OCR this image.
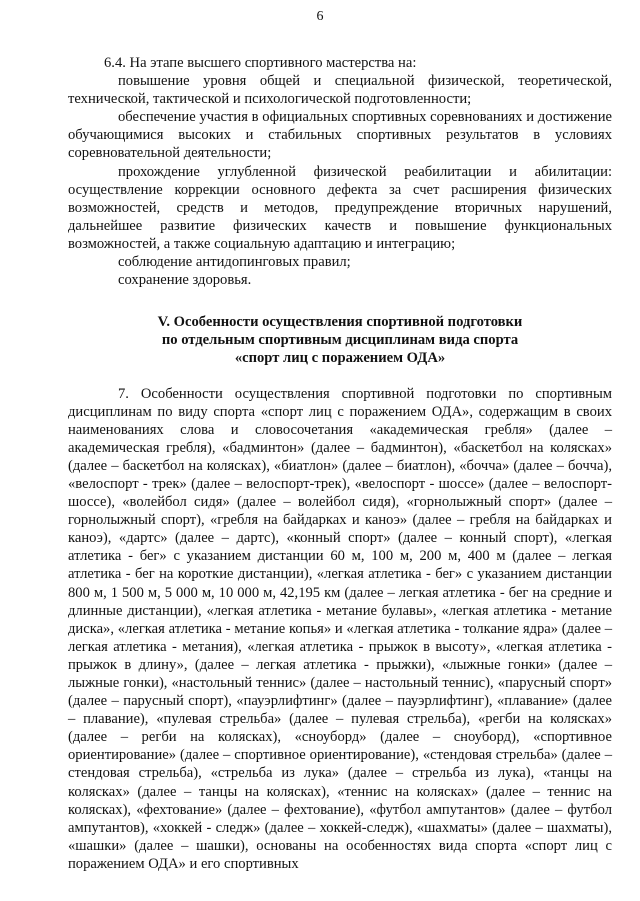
6

6.4. На этапе высшего спортивного мастерства на:

повышение уровня общей и специальной физической, теоретической, технической, тактической и психологической подготовленности;

обеспечение участия в официальных спортивных соревнованиях и достижение обучающимися высоких и стабильных спортивных результатов в условиях соревновательной деятельности;

прохождение углубленной физической реабилитации и абилитации: осуществление коррекции основного дефекта за счет расширения физических возможностей, средств и методов, предупреждение вторичных нарушений, дальнейшее развитие физических качеств и повышение функциональных возможностей, а также социальную адаптацию и интеграцию;

соблюдение антидопинговых правил;

сохранение здоровья.

V. Особенности осуществления спортивной подготовки
по отдельным спортивным дисциплинам вида спорта
«спорт лиц с поражением ОДА»

7. Особенности осуществления спортивной подготовки по спортивным дисциплинам по виду спорта «спорт лиц с поражением ОДА», содержащим в своих наименованиях слова и словосочетания «академическая гребля» (далее – академическая гребля), «бадминтон» (далее – бадминтон), «баскетбол на колясках» (далее – баскетбол на колясках), «биатлон» (далее – биатлон), «бочча» (далее – бочча), «велоспорт - трек» (далее – велоспорт-трек), «велоспорт - шоссе» (далее – велоспорт-шоссе), «волейбол сидя» (далее – волейбол сидя), «горнолыжный спорт» (далее – горнолыжный спорт), «гребля на байдарках и каноэ» (далее – гребля на байдарках и каноэ), «дартс» (далее – дартс), «конный спорт» (далее – конный спорт), «легкая атлетика - бег» с указанием дистанции 60 м, 100 м, 200 м, 400 м (далее – легкая атлетика - бег на короткие дистанции), «легкая атлетика - бег» с указанием дистанции 800 м, 1 500 м, 5 000 м, 10 000 м, 42,195 км (далее – легкая атлетика - бег на средние и длинные дистанции), «легкая атлетика - метание булавы», «легкая атлетика - метание диска», «легкая атлетика - метание копья» и «легкая атлетика - толкание ядра» (далее – легкая атлетика - метания), «легкая атлетика - прыжок в высоту», «легкая атлетика - прыжок в длину», (далее – легкая атлетика - прыжки), «лыжные гонки» (далее – лыжные гонки), «настольный теннис» (далее – настольный теннис), «парусный спорт» (далее – парусный спорт), «пауэрлифтинг» (далее – пауэрлифтинг), «плавание» (далее – плавание), «пулевая стрельба» (далее – пулевая стрельба), «регби на колясках» (далее – регби на колясках), «сноуборд» (далее – сноуборд), «спортивное ориентирование» (далее – спортивное ориентирование), «стендовая стрельба» (далее – стендовая стрельба), «стрельба из лука» (далее – стрельба из лука), «танцы на колясках» (далее – танцы на колясках), «теннис на колясках» (далее – теннис на колясках), «фехтование» (далее – фехтование), «футбол ампутантов» (далее – футбол ампутантов), «хоккей - следж» (далее – хоккей-следж), «шахматы» (далее – шахматы), «шашки» (далее – шашки), основаны на особенностях вида спорта «спорт лиц с поражением ОДА» и его спортивных
